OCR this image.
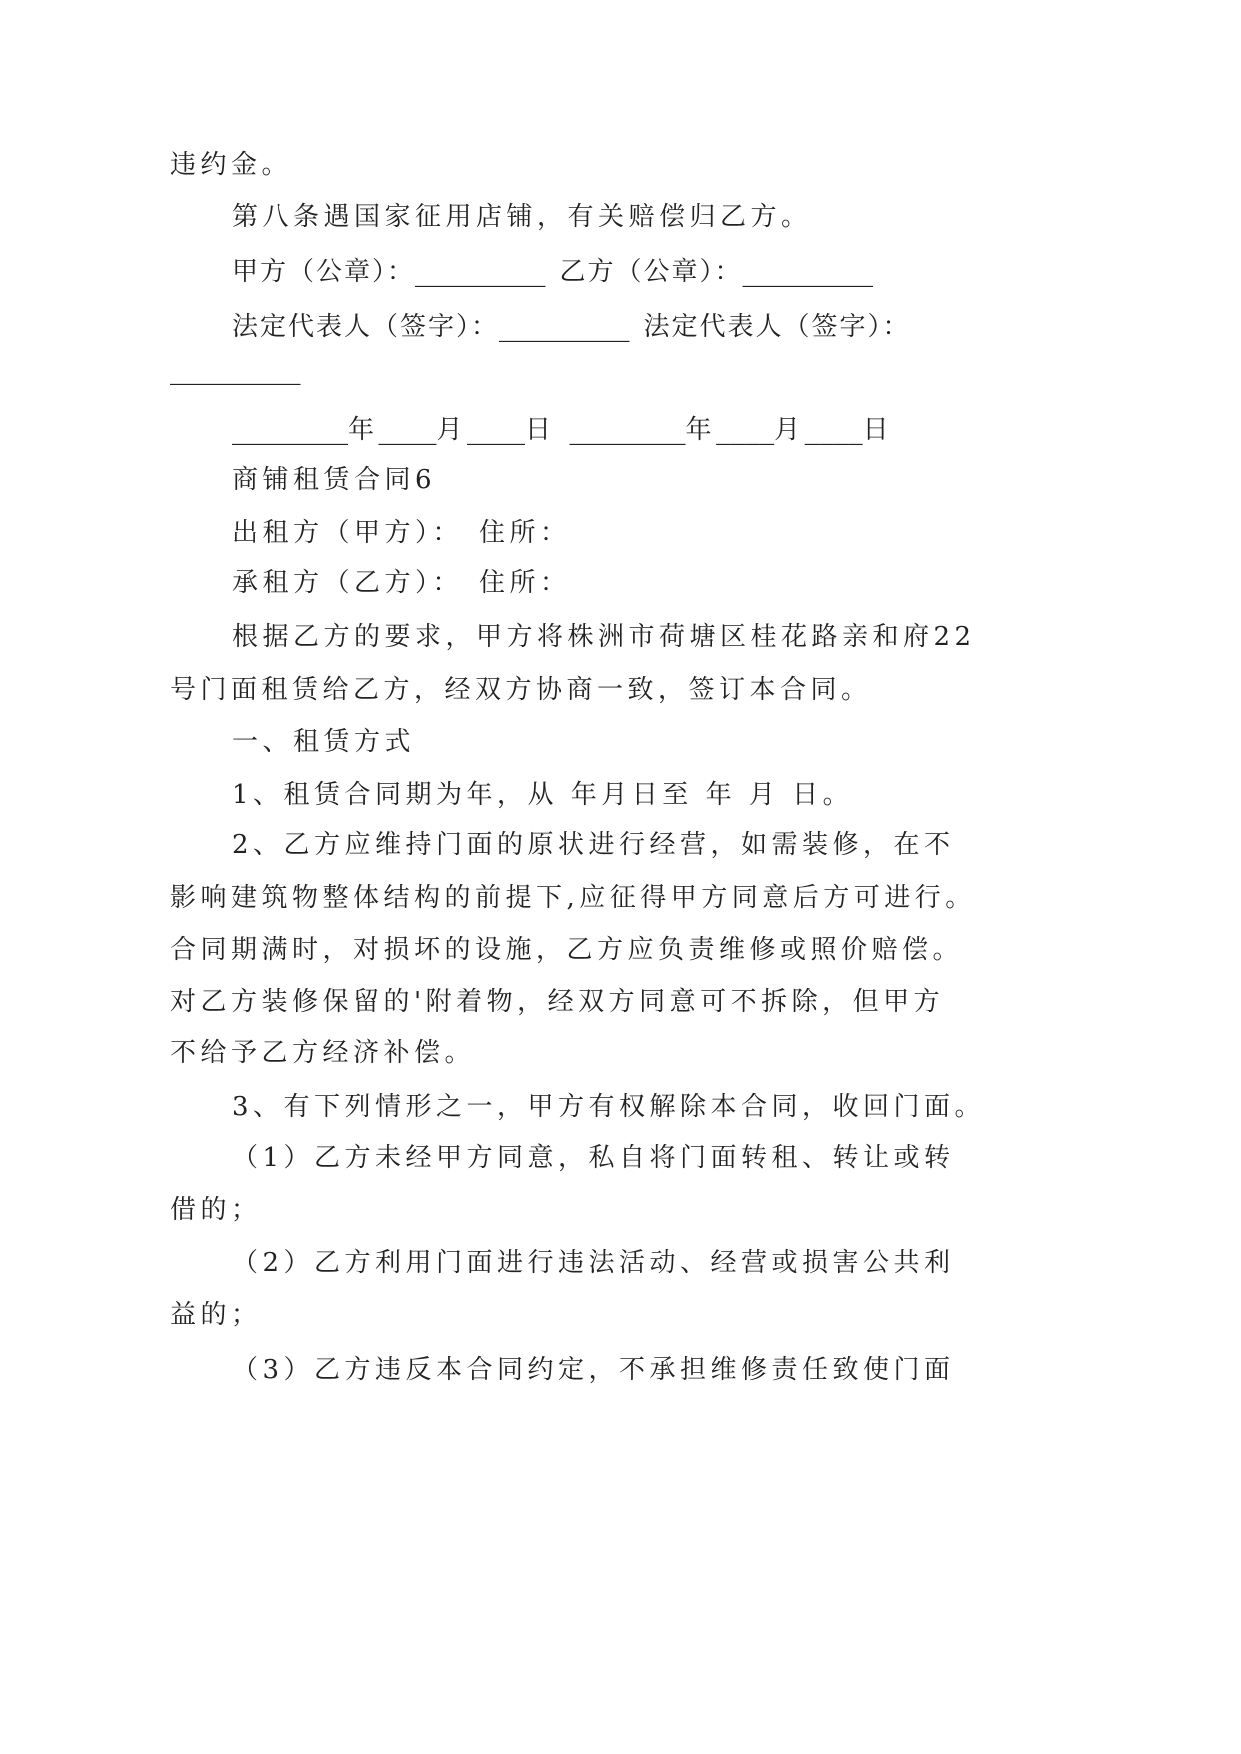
违约金。
第八条遇国家征用店铺，有关赔偿归乙方。
甲方（公章）： _________ 乙方（公章）： _________
法定代表人（签字）： _________ 法定代表人（签字）：
_________
________ 年 ____ 月 ____ 日 ________ 年 ____ 月 ____ 日
商铺租赁合同6
出租方（甲方）： 住所：
承租方（乙方）： 住所：
根据乙方的要求，甲方将株洲市荷塘区桂花路亲和府22
号门面租赁给乙方，经双方协商一致，签订本合同。
一、租赁方式
1、租赁合同期为年，从 年月日至 年 月 日。
2、乙方应维持门面的原状进行经营，如需装修，在不
影响建筑物整体结构的前提下,应征得甲方同意后方可进行。
合同期满时，对损坏的设施，乙方应负责维修或照价赔偿。
对乙方装修保留的'附着物，经双方同意可不拆除，但甲方
不给予乙方经济补偿。
3、有下列情形之一，甲方有权解除本合同，收回门面。
（1）乙方未经甲方同意，私自将门面转租、转让或转
借的；
（2）乙方利用门面进行违法活动、经营或损害公共利
益的；
（3）乙方违反本合同约定，不承担维修责任致使门面
